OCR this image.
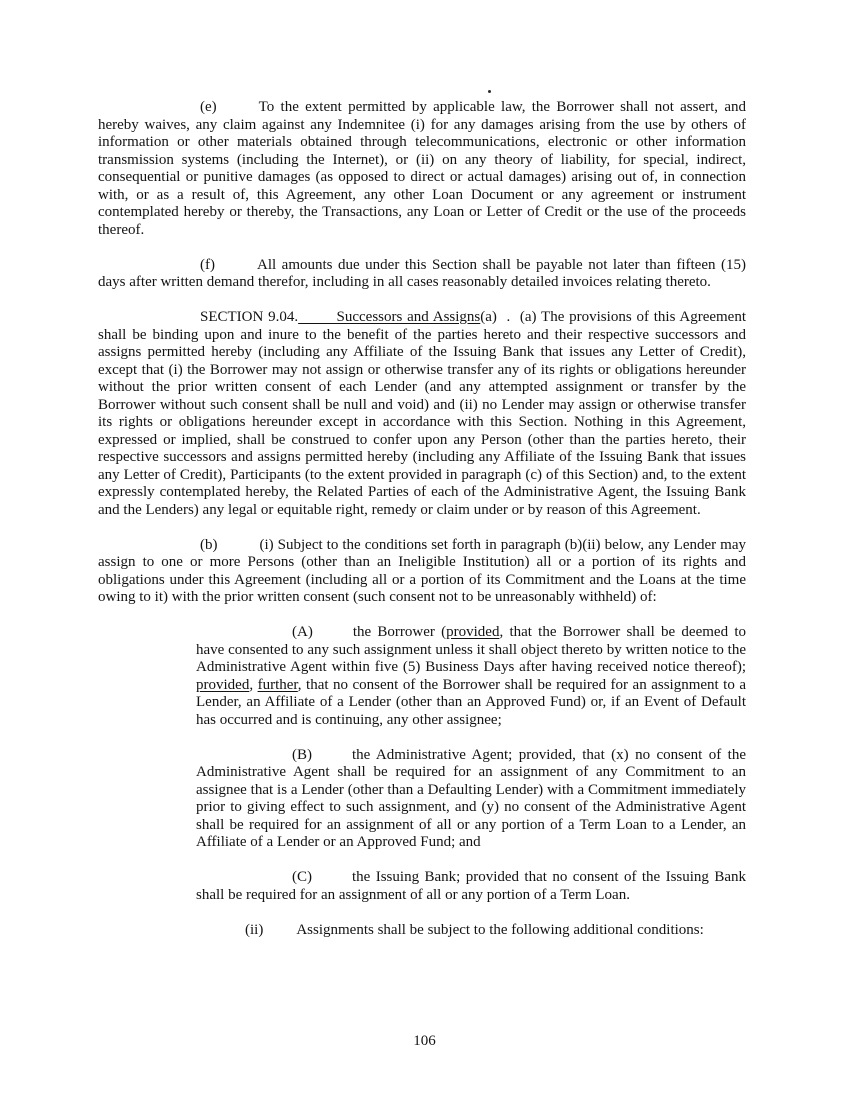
(e)	To the extent permitted by applicable law, the Borrower shall not assert, and hereby waives, any claim against any Indemnitee (i) for any damages arising from the use by others of information or other materials obtained through telecommunications, electronic or other information transmission systems (including the Internet), or (ii) on any theory of liability, for special, indirect, consequential or punitive damages (as opposed to direct or actual damages) arising out of, in connection with, or as a result of, this Agreement, any other Loan Document or any agreement or instrument contemplated hereby or thereby, the Transactions, any Loan or Letter of Credit or the use of the proceeds thereof.

(f)	All amounts due under this Section shall be payable not later than fifteen (15) days after written demand therefor, including in all cases reasonably detailed invoices relating thereto.

SECTION 9.04.	Successors and Assigns(a)  .  (a) The provisions of this Agreement shall be binding upon and inure to the benefit of the parties hereto and their respective successors and assigns permitted hereby (including any Affiliate of the Issuing Bank that issues any Letter of Credit), except that (i) the Borrower may not assign or otherwise transfer any of its rights or obligations hereunder without the prior written consent of each Lender (and any attempted assignment or transfer by the Borrower without such consent shall be null and void) and (ii) no Lender may assign or otherwise transfer its rights or obligations hereunder except in accordance with this Section. Nothing in this Agreement, expressed or implied, shall be construed to confer upon any Person (other than the parties hereto, their respective successors and assigns permitted hereby (including any Affiliate of the Issuing Bank that issues any Letter of Credit), Participants (to the extent provided in paragraph (c) of this Section) and, to the extent expressly contemplated hereby, the Related Parties of each of the Administrative Agent, the Issuing Bank and the Lenders) any legal or equitable right, remedy or claim under or by reason of this Agreement.

(b)	(i) Subject to the conditions set forth in paragraph (b)(ii) below, any Lender may assign to one or more Persons (other than an Ineligible Institution) all or a portion of its rights and obligations under this Agreement (including all or a portion of its Commitment and the Loans at the time owing to it) with the prior written consent (such consent not to be unreasonably withheld) of:

(A)	the Borrower (provided, that the Borrower shall be deemed to have consented to any such assignment unless it shall object thereto by written notice to the Administrative Agent within five (5) Business Days after having received notice thereof); provided, further, that no consent of the Borrower shall be required for an assignment to a Lender, an Affiliate of a Lender (other than an Approved Fund) or, if an Event of Default has occurred and is continuing, any other assignee;

(B)	the Administrative Agent; provided, that (x) no consent of the Administrative Agent shall be required for an assignment of any Commitment to an assignee that is a Lender (other than a Defaulting Lender) with a Commitment immediately prior to giving effect to such assignment, and (y) no consent of the Administrative Agent shall be required for an assignment of all or any portion of a Term Loan to a Lender, an Affiliate of a Lender or an Approved Fund; and

(C)	the Issuing Bank; provided that no consent of the Issuing Bank shall be required for an assignment of all or any portion of a Term Loan.

(ii) Assignments shall be subject to the following additional conditions:

106
